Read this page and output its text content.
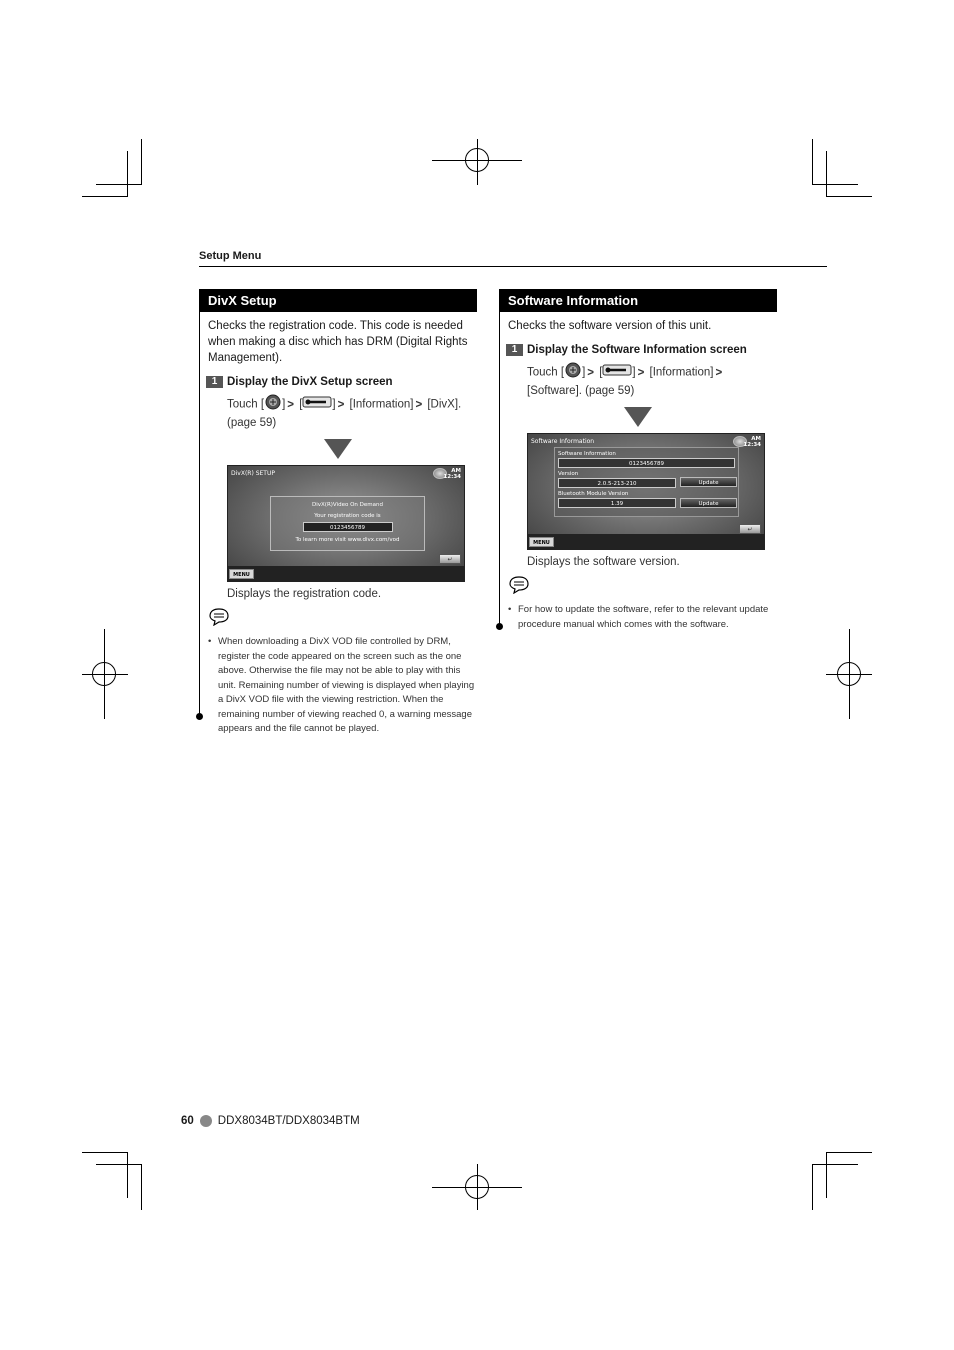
Setup Menu
DivX Setup

Checks the registration code. This code is needed when making a disc which has DRM (Digital Rights Management).

1 Display the DivX Setup screen

Touch [ ] > [	] > [Information] > [DivX]. (page 59)

DivX(R) SETUP	AM
12:34
DivX(R)Video On Demand
Your registration code is
0123456789
To learn more visit www.divx.com/vod
↵
MENU

Displays the registration code.

• When downloading a DivX VOD file controlled by DRM, register the code appeared on the screen such as the one above. Otherwise the file may not be able to play with this unit. Remaining number of viewing is displayed when playing a DivX VOD file with the viewing restriction. When the remaining number of viewing reached 0, a warning message appears and the file cannot be played.

Software Information

Checks the software version of this unit.

1 Display the Software Information screen

Touch [ ] > [	] > [Information] >
[Software]. (page 59)

Software Information	AM
12:34
Software Information
0123456789
Version
2.0.5-213-210
Bluetooth Module Version
1.39
Update
Update
↵
MENU

Displays the software version.

• For how to update the software, refer to the relevant update procedure manual which comes with the software.

60 DDX8034BT/DDX8034BTM
